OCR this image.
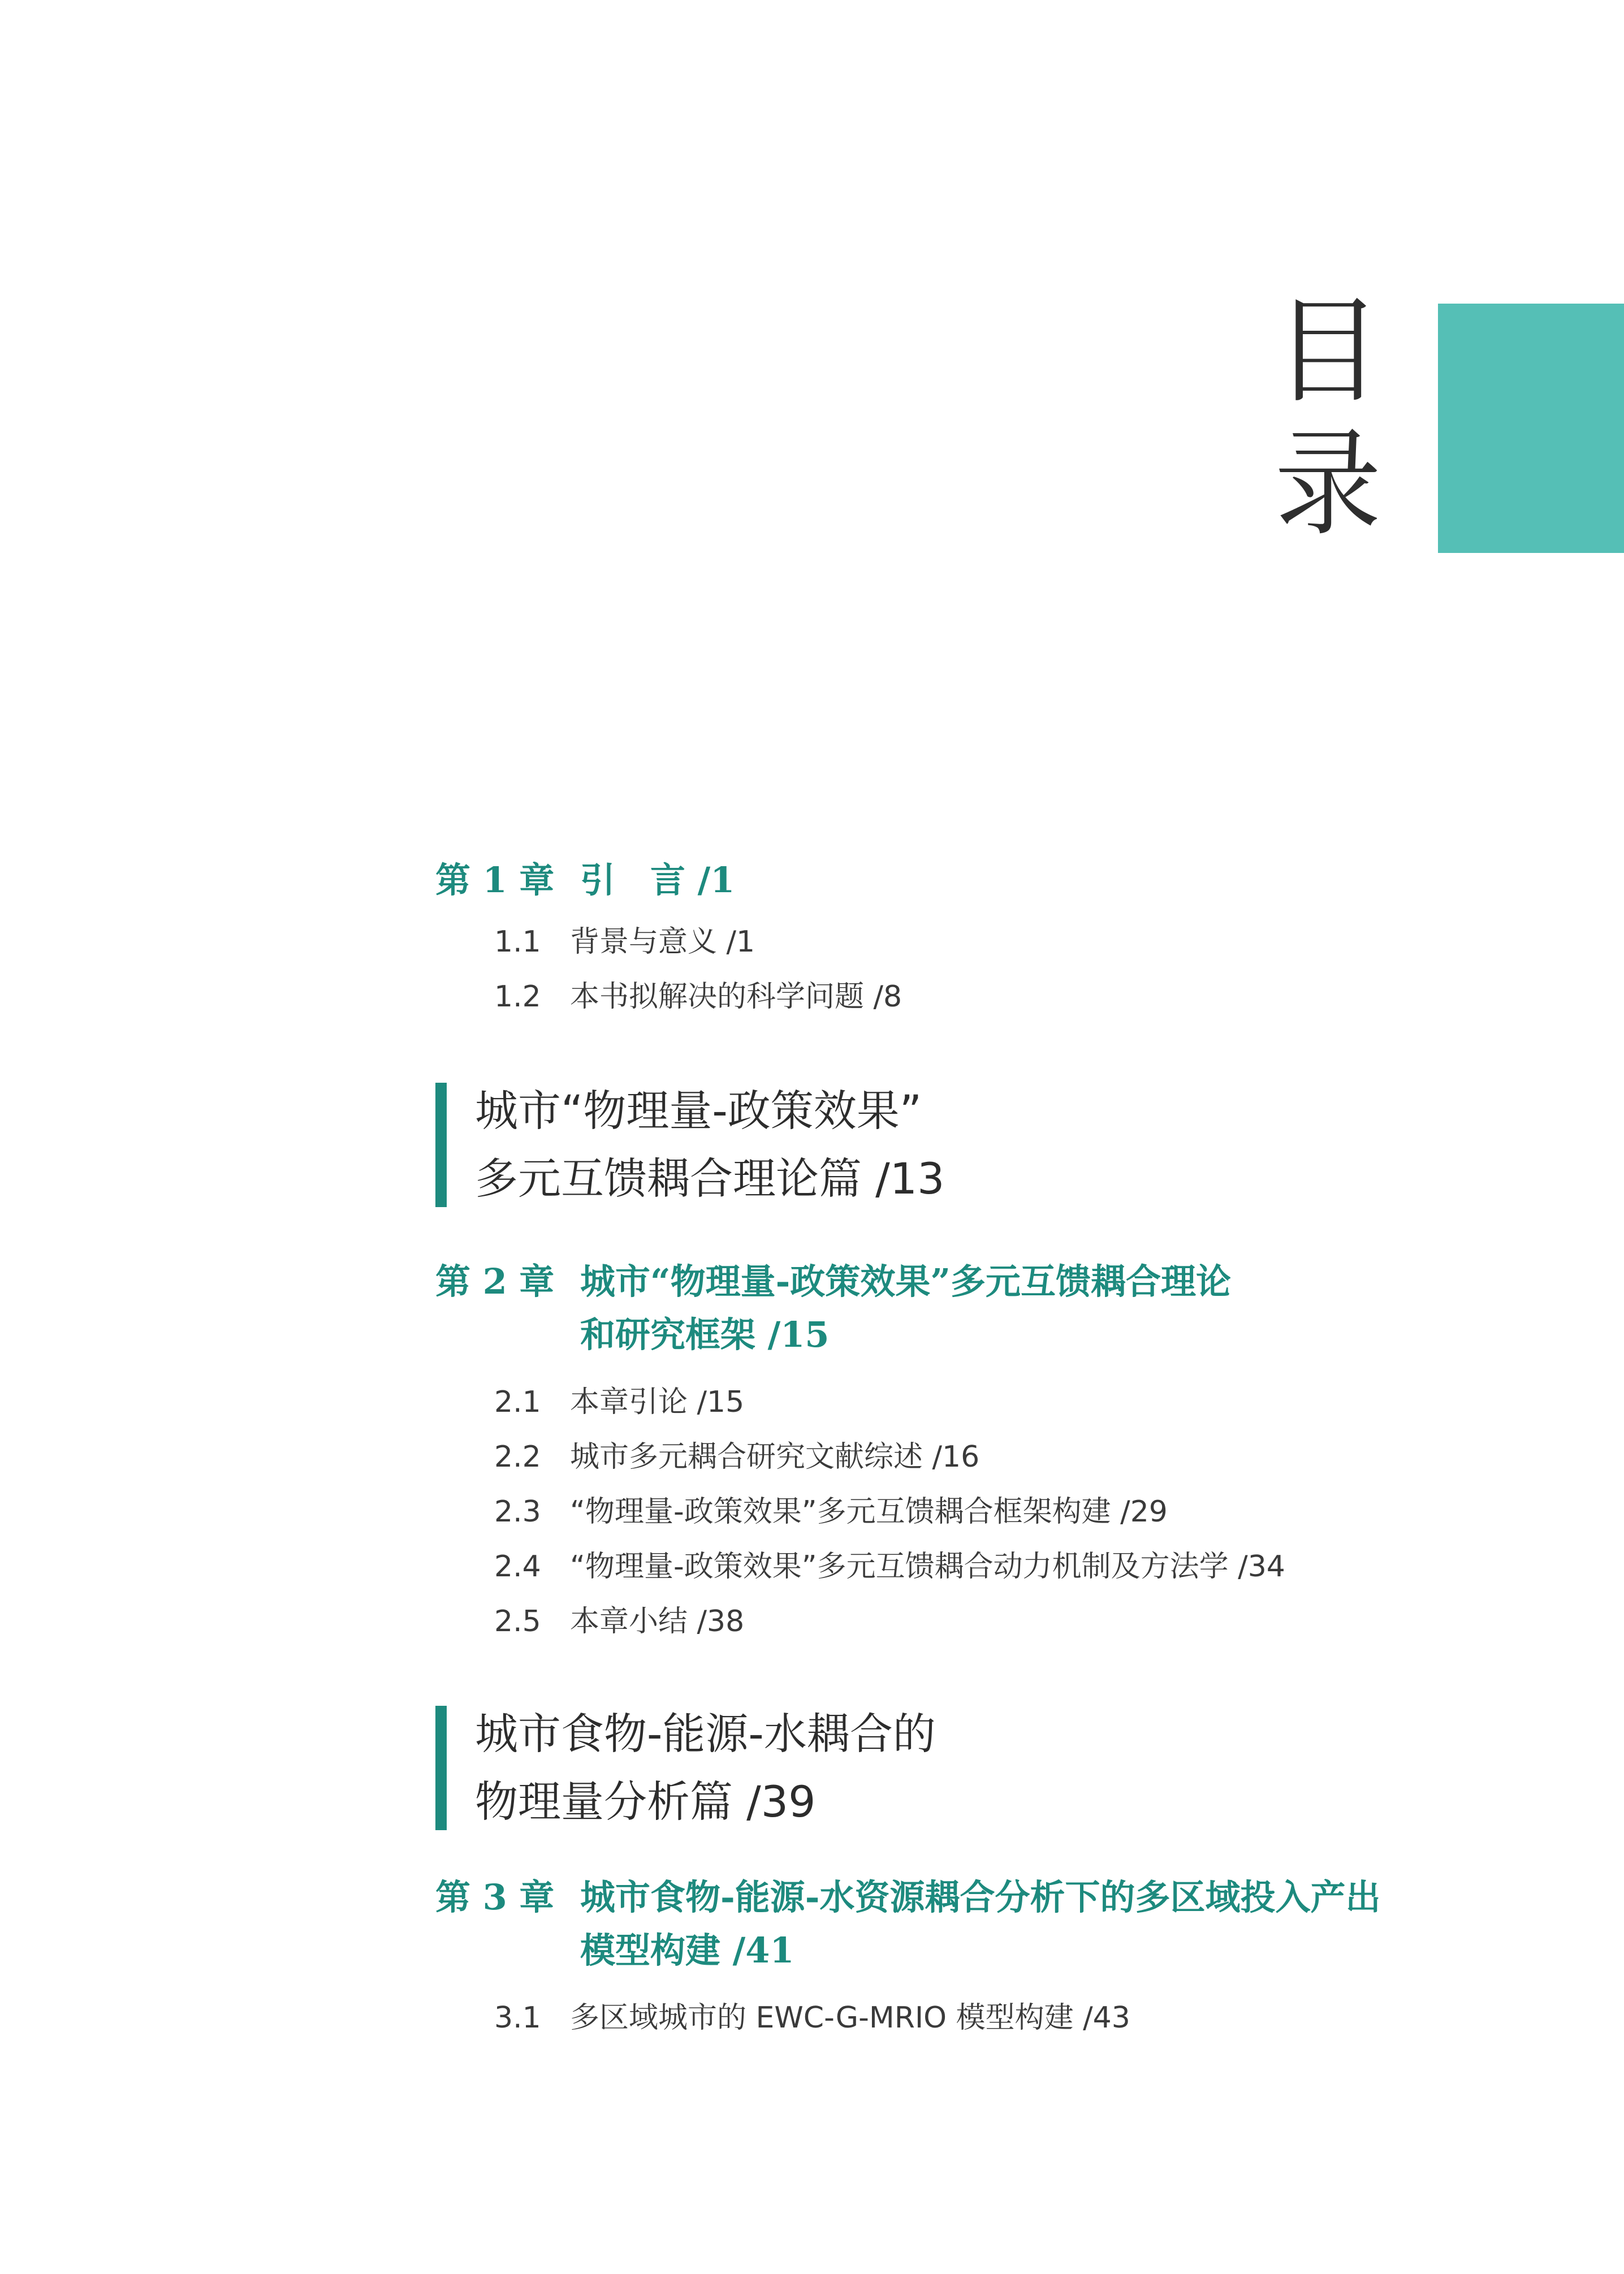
目
录
第 1 章 引　言 /1
1.1 背景与意义 /1
1.2 本书拟解决的科学问题 /8
城市“物理量-政策效果”
多元互馈耦合理论篇 /13
第 2 章 城市“物理量-政策效果”多元互馈耦合理论
和研究框架 /15
2.1 本章引论 /15
2.2 城市多元耦合研究文献综述 /16
2.3 “物理量-政策效果”多元互馈耦合框架构建 /29
2.4 “物理量-政策效果”多元互馈耦合动力机制及方法学 /34
2.5 本章小结 /38
城市食物-能源-水耦合的
物理量分析篇 /39
第 3 章 城市食物-能源-水资源耦合分析下的多区域投入产出
模型构建 /41
3.1 多区域城市的 EWC-G-MRIO 模型构建 /43
